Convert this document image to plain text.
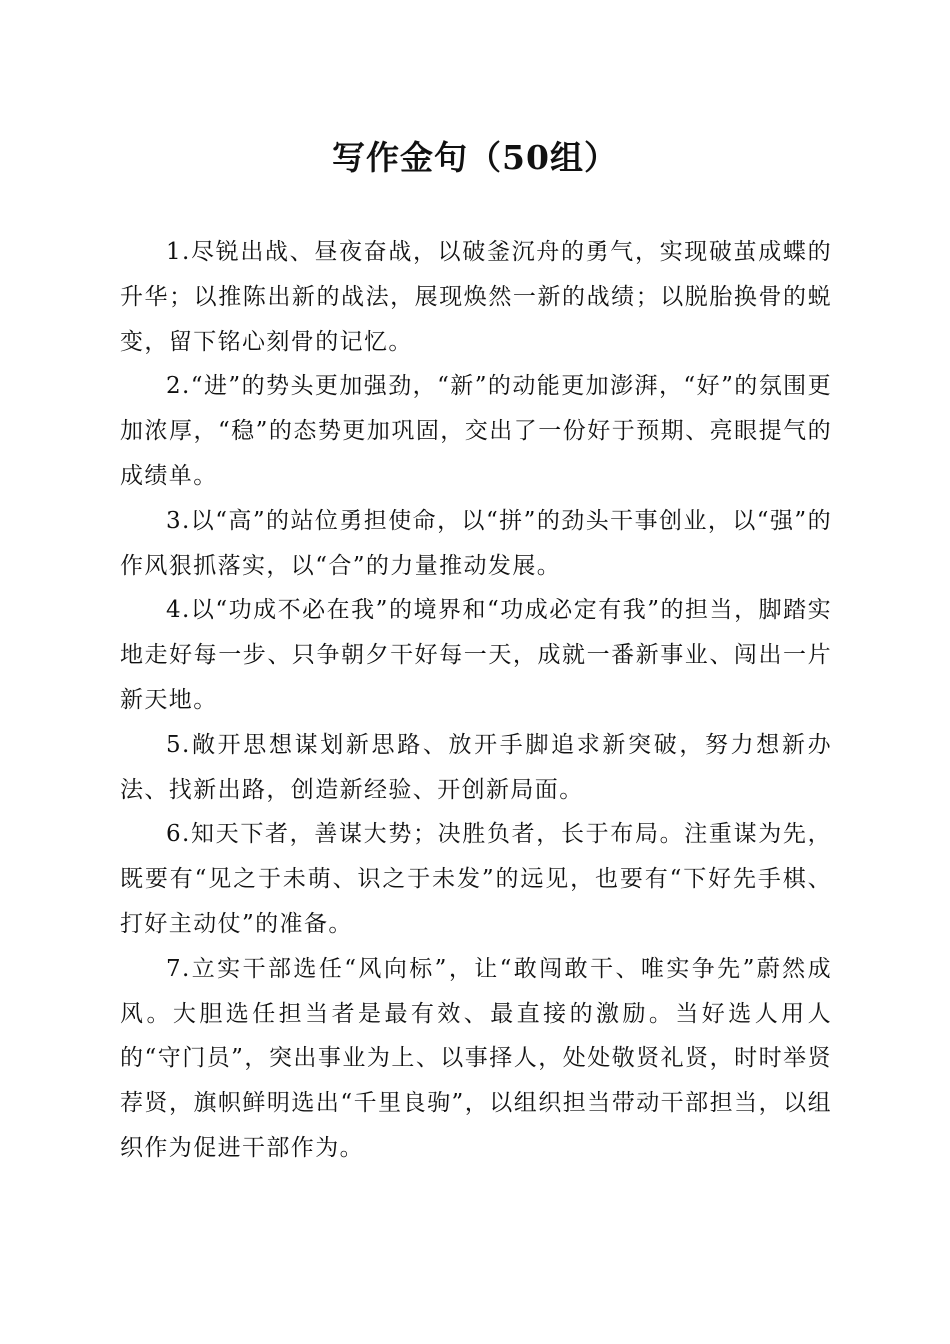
写作金句（50组）

1.尽锐出战、昼夜奋战，以破釜沉舟的勇气，实现破茧成蝶的升华；以推陈出新的战法，展现焕然一新的战绩；以脱胎换骨的蜕变，留下铭心刻骨的记忆。

2.“进”的势头更加强劲，“新”的动能更加澎湃，“好”的氛围更加浓厚，“稳”的态势更加巩固，交出了一份好于预期、亮眼提气的成绩单。

3.以“高”的站位勇担使命，以“拼”的劲头干事创业，以“强”的作风狠抓落实，以“合”的力量推动发展。

4.以“功成不必在我”的境界和“功成必定有我”的担当，脚踏实地走好每一步、只争朝夕干好每一天，成就一番新事业、闯出一片新天地。

5.敞开思想谋划新思路、放开手脚追求新突破，努力想新办法、找新出路，创造新经验、开创新局面。

6.知天下者，善谋大势；决胜负者，长于布局。注重谋为先，既要有“见之于未萌、识之于未发”的远见，也要有“下好先手棋、打好主动仗”的准备。

7.立实干部选任“风向标”，让“敢闯敢干、唯实争先”蔚然成风。大胆选任担当者是最有效、最直接的激励。当好选人用人的“守门员”，突出事业为上、以事择人，处处敬贤礼贤，时时举贤荐贤，旗帜鲜明选出“千里良驹”，以组织担当带动干部担当，以组织作为促进干部作为。
